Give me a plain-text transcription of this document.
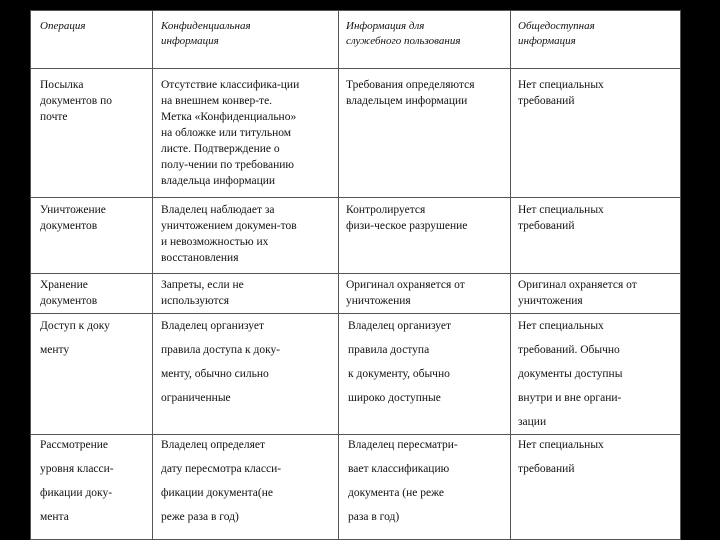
Операция	Конфиденциальная
информация
Информация для
служебного пользования
Общедоступная
информация
Посылка
документов по
почте
Отсутствие классифика-ции
на внешнем конвер-те.
Метка «Конфиденциально»
на обложке или титульном
листе. Подтверждение о
полу-чении по требованию
владельца информации
Требования определяются
владельцем информации
Нет специальных
требований
Уничтожение
документов
Владелец наблюдает за
уничтожением докумен-тов
и невозможностью их
восстановления
Контролируется
физи-ческое разрушение
Нет специальных
требований
Хранение
документов
Запреты, если не
используются
Оригинал охраняется от
уничтожения
Оригинал охраняется от
уничтожения
Доступ к доку
менту
Владелец организует
правила доступа к доку-
менту, обычно сильно
ограниченные
Владелец организует
правила доступа
к документу, обычно
широко доступные
Нет специальных
требований. Обычно
документы доступны
внутри и вне органи-
зации
Рассмотрение
уровня класси-
фикации доку-
мента
Владелец определяет
дату пересмотра класси-
фикации документа(не
реже раза в год)
Владелец пересматри-
вает классификацию
документа (не реже
раза в год)
Нет специальных
требований
